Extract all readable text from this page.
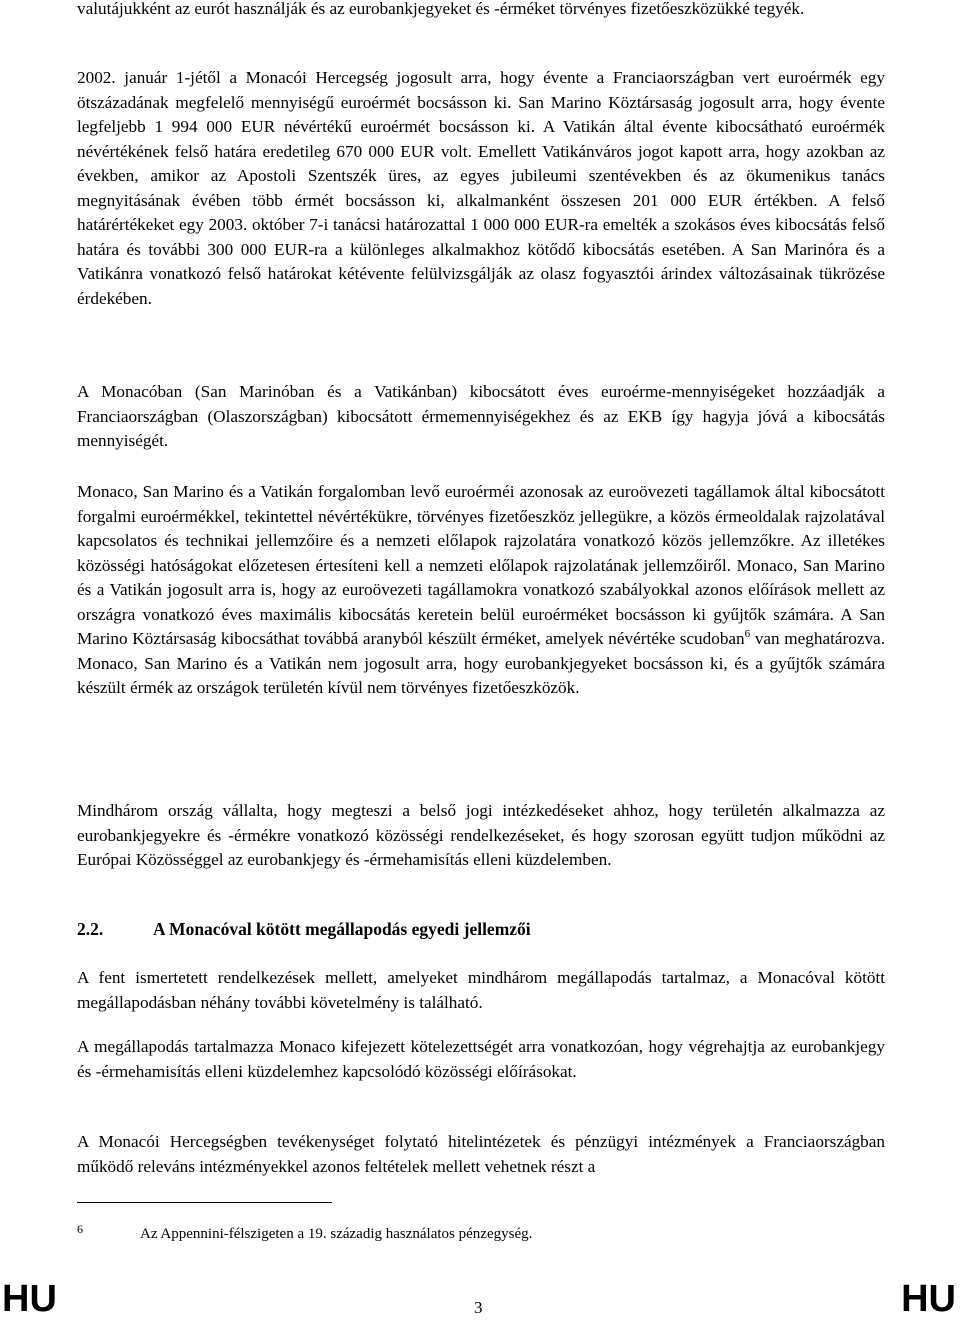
valutájukként az eurót használják és az eurobankjegyeket és -érméket törvényes fizetőeszközükké tegyék.

2002. január 1-jétől a Monacói Hercegség jogosult arra, hogy évente a Franciaországban vert euroérmék egy ötszázadának megfelelő mennyiségű euroérmét bocsásson ki. San Marino Köztársaság jogosult arra, hogy évente legfeljebb 1 994 000 EUR névértékű euroérmét bocsásson ki. A Vatikán által évente kibocsátható euroérmék névértékének felső határa eredetileg 670 000 EUR volt. Emellett Vatikánváros jogot kapott arra, hogy azokban az években, amikor az Apostoli Szentszék üres, az egyes jubileumi szentévekben és az ökumenikus tanács megnyitásának évében több érmét bocsásson ki, alkalmanként összesen 201 000 EUR értékben. A felső határértékeket egy 2003. október 7-i tanácsi határozattal 1 000 000 EUR-ra emelték a szokásos éves kibocsátás felső határa és további 300 000 EUR-ra a különleges alkalmakhoz kötődő kibocsátás esetében. A San Marinóra és a Vatikánra vonatkozó felső határokat kétévente felülvizsgálják az olasz fogyasztói árindex változásainak tükrözése érdekében.

A Monacóban (San Marinóban és a Vatikánban) kibocsátott éves euroérme-mennyiségeket hozzáadják a Franciaországban (Olaszországban) kibocsátott érmemennyiségekhez és az EKB így hagyja jóvá a kibocsátás mennyiségét.

Monaco, San Marino és a Vatikán forgalomban levő euroérméi azonosak az euroövezeti tagállamok által kibocsátott forgalmi euroérmékkel, tekintettel névértékükre, törvényes fizetőeszköz jellegükre, a közös érmeoldalak rajzolatával kapcsolatos és technikai jellemzőire és a nemzeti előlapok rajzolatára vonatkozó közös jellemzőkre. Az illetékes közösségi hatóságokat előzetesen értesíteni kell a nemzeti előlapok rajzolatának jellemzőiről. Monaco, San Marino és a Vatikán jogosult arra is, hogy az euroövezeti tagállamokra vonatkozó szabályokkal azonos előírások mellett az országra vonatkozó éves maximális kibocsátás keretein belül euroérméket bocsásson ki gyűjtők számára. A San Marino Köztársaság kibocsáthat továbbá aranyból készült érméket, amelyek névértéke scudoban$^6$ van meghatározva. Monaco, San Marino és a Vatikán nem jogosult arra, hogy eurobankjegyeket bocsásson ki, és a gyűjtők számára készült érmék az országok területén kívül nem törvényes fizetőeszközök.

Mindhárom ország vállalta, hogy megteszi a belső jogi intézkedéseket ahhoz, hogy területén alkalmazza az eurobankjegyekre és -érmékre vonatkozó közösségi rendelkezéseket, és hogy szorosan együtt tudjon működni az Európai Közösséggel az eurobankjegy és -érmehamisítás elleni küzdelemben.

2.2.	A Monacóval kötött megállapodás egyedi jellemzői

A fent ismertetett rendelkezések mellett, amelyeket mindhárom megállapodás tartalmaz, a Monacóval kötött megállapodásban néhány további követelmény is található.

A megállapodás tartalmazza Monaco kifejezett kötelezettségét arra vonatkozóan, hogy végrehajtja az eurobankjegy és -érmehamisítás elleni küzdelemhez kapcsolódó közösségi előírásokat.

A Monacói Hercegségben tevékenységet folytató hitelintézetek és pénzügyi intézmények a Franciaországban működő releváns intézményekkel azonos feltételek mellett vehetnek részt a

6	Az Appennini-félszigeten a 19. századig használatos pénzegység.
HU	3	HU
